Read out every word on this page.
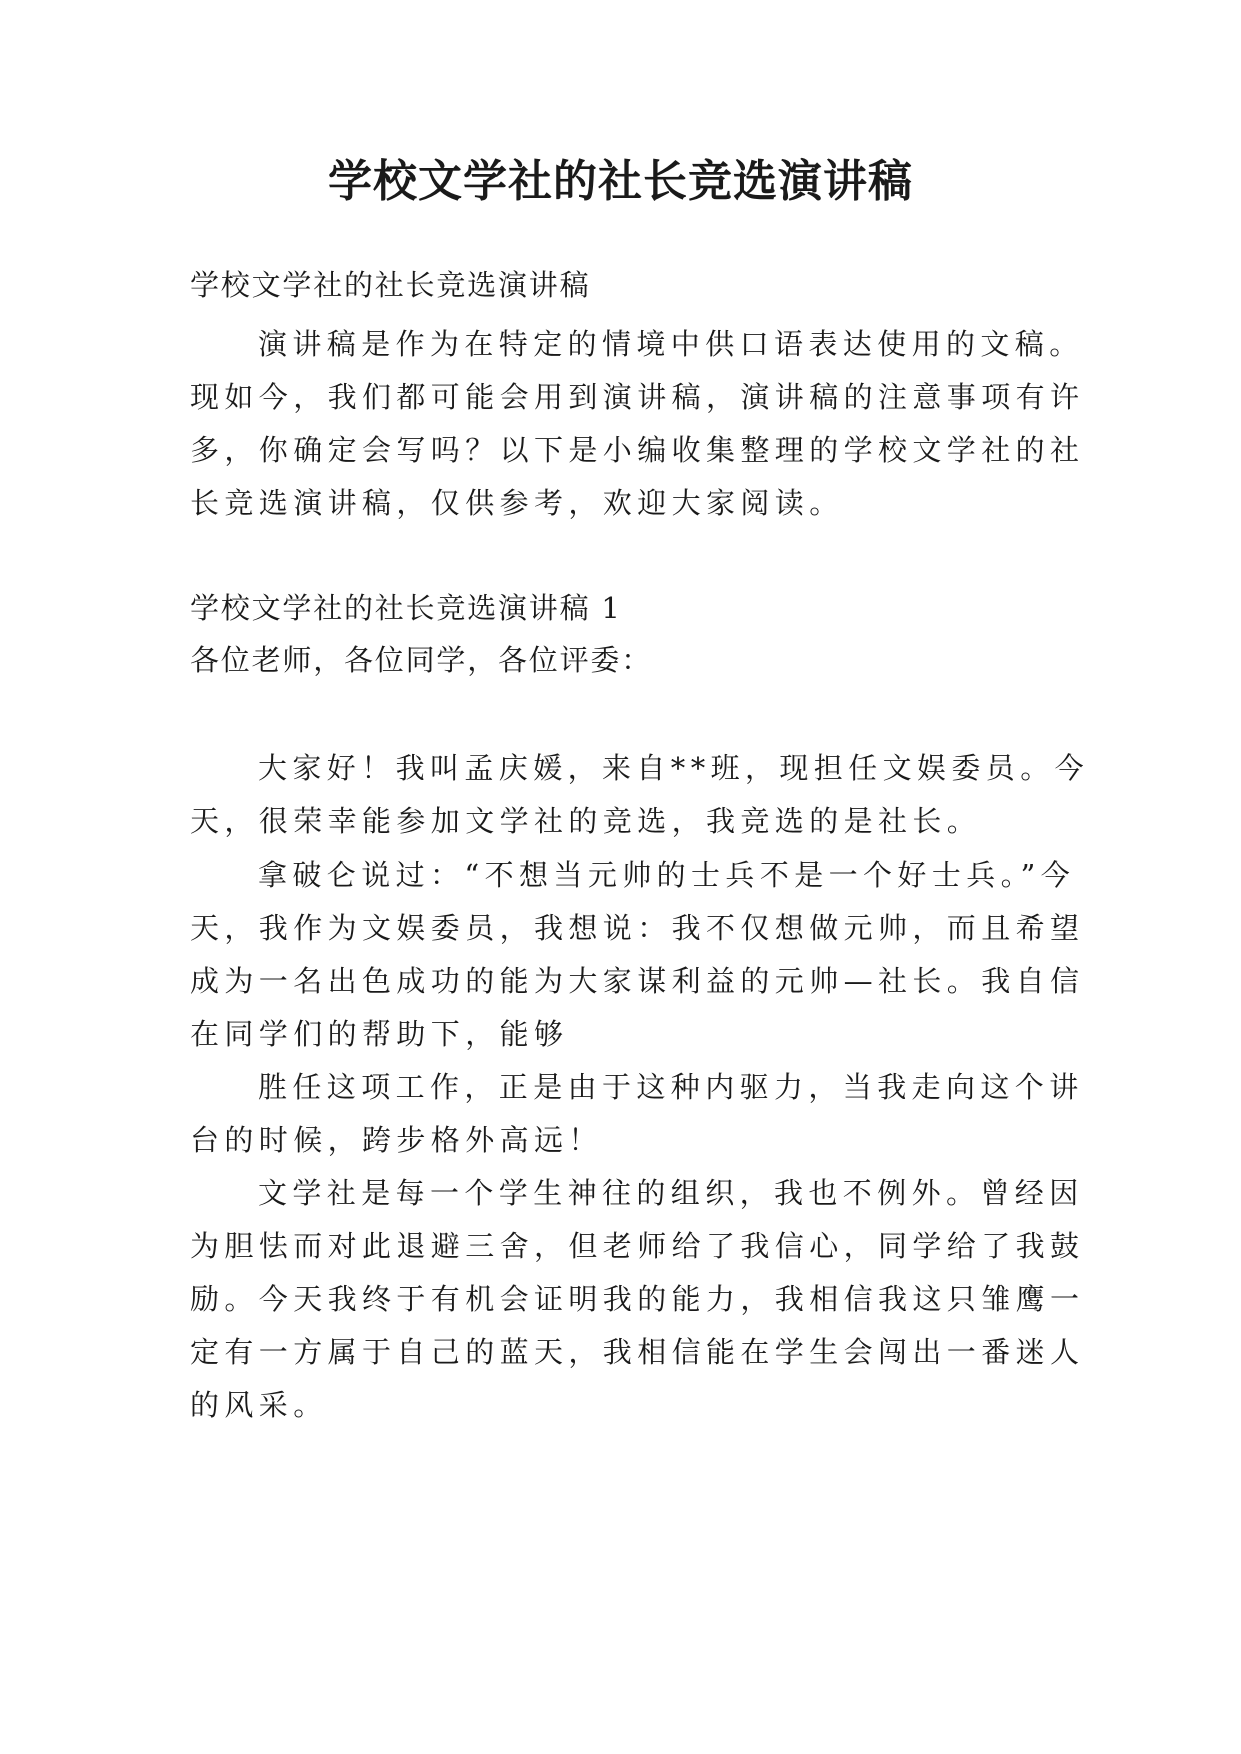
学校文学社的社长竞选演讲稿
学校文学社的社长竞选演讲稿
演讲稿是作为在特定的情境中供口语表达使用的文稿。
现如今，我们都可能会用到演讲稿，演讲稿的注意事项有许
多，你确定会写吗？以下是小编收集整理的学校文学社的社
长竞选演讲稿，仅供参考，欢迎大家阅读。
学校文学社的社长竞选演讲稿 1
各位老师，各位同学，各位评委：
大家好！我叫孟庆媛，来自**班，现担任文娱委员。今
天，很荣幸能参加文学社的竞选，我竞选的是社长。
拿破仑说过：“不想当元帅的士兵不是一个好士兵。”今
天，我作为文娱委员，我想说：我不仅想做元帅，而且希望
成为一名出色成功的能为大家谋利益的元帅—社长。我自信
在同学们的帮助下，能够
胜任这项工作，正是由于这种内驱力，当我走向这个讲
台的时候，跨步格外高远！
文学社是每一个学生神往的组织，我也不例外。曾经因
为胆怯而对此退避三舍，但老师给了我信心，同学给了我鼓
励。今天我终于有机会证明我的能力，我相信我这只雏鹰一
定有一方属于自己的蓝天，我相信能在学生会闯出一番迷人
的风采。
